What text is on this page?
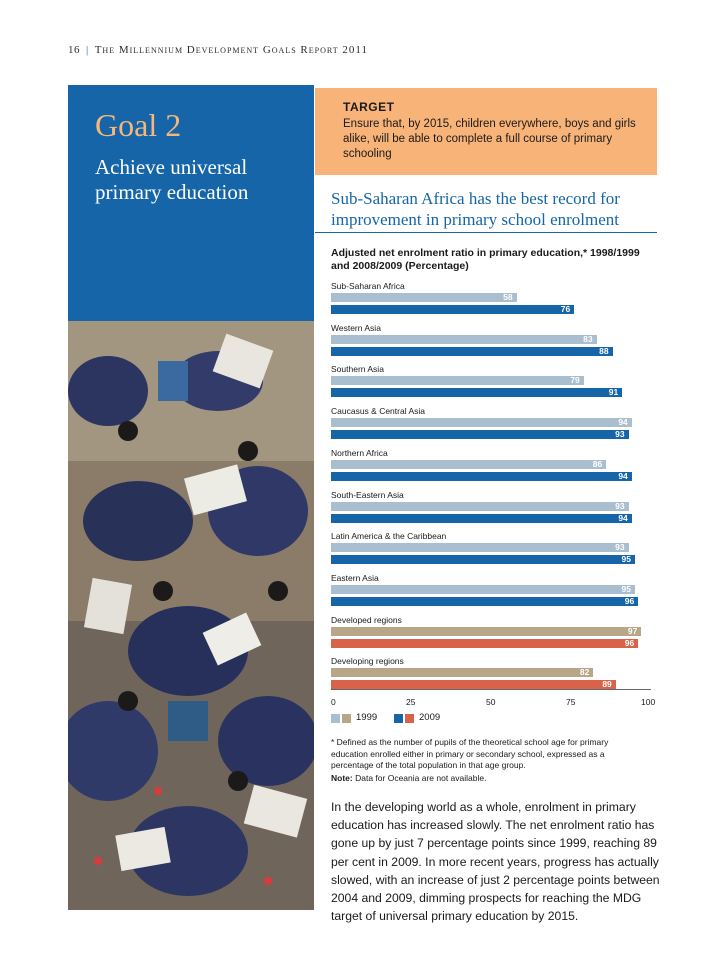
16 | The Millennium Development Goals Report 2011
Goal 2
Achieve universal primary education
TARGET
Ensure that, by 2015, children everywhere, boys and girls alike, will be able to complete a full course of primary schooling
Sub-Saharan Africa has the best record for improvement in primary school enrolment
Adjusted net enrolment ratio in primary education,* 1998/1999 and 2008/2009 (Percentage)
Sub-Saharan Africa
58
76
Western Asia
83
88
Southern Asia
79
91
Caucasus & Central Asia
94
93
Northern Africa
86
94
South-Eastern Asia
93
94
Latin America & the Caribbean
93
95
Eastern Asia
95
96
Developed regions
97
96
Developing regions
82
89
1999	2009
* Defined as the number of pupils of the theoretical school age for primary education enrolled either in primary or secondary school, expressed as a percentage of the total population in that age group.
Note: Data for Oceania are not available.
In the developing world as a whole, enrolment in primary education has increased slowly. The net enrolment ratio has gone up by just 7 percentage points since 1999, reaching 89 per cent in 2009. In more recent years, progress has actually slowed, with an increase of just 2 percentage points between 2004 and 2009, dimming prospects for reaching the MDG target of universal primary education by 2015.
0	25	50	75	100
